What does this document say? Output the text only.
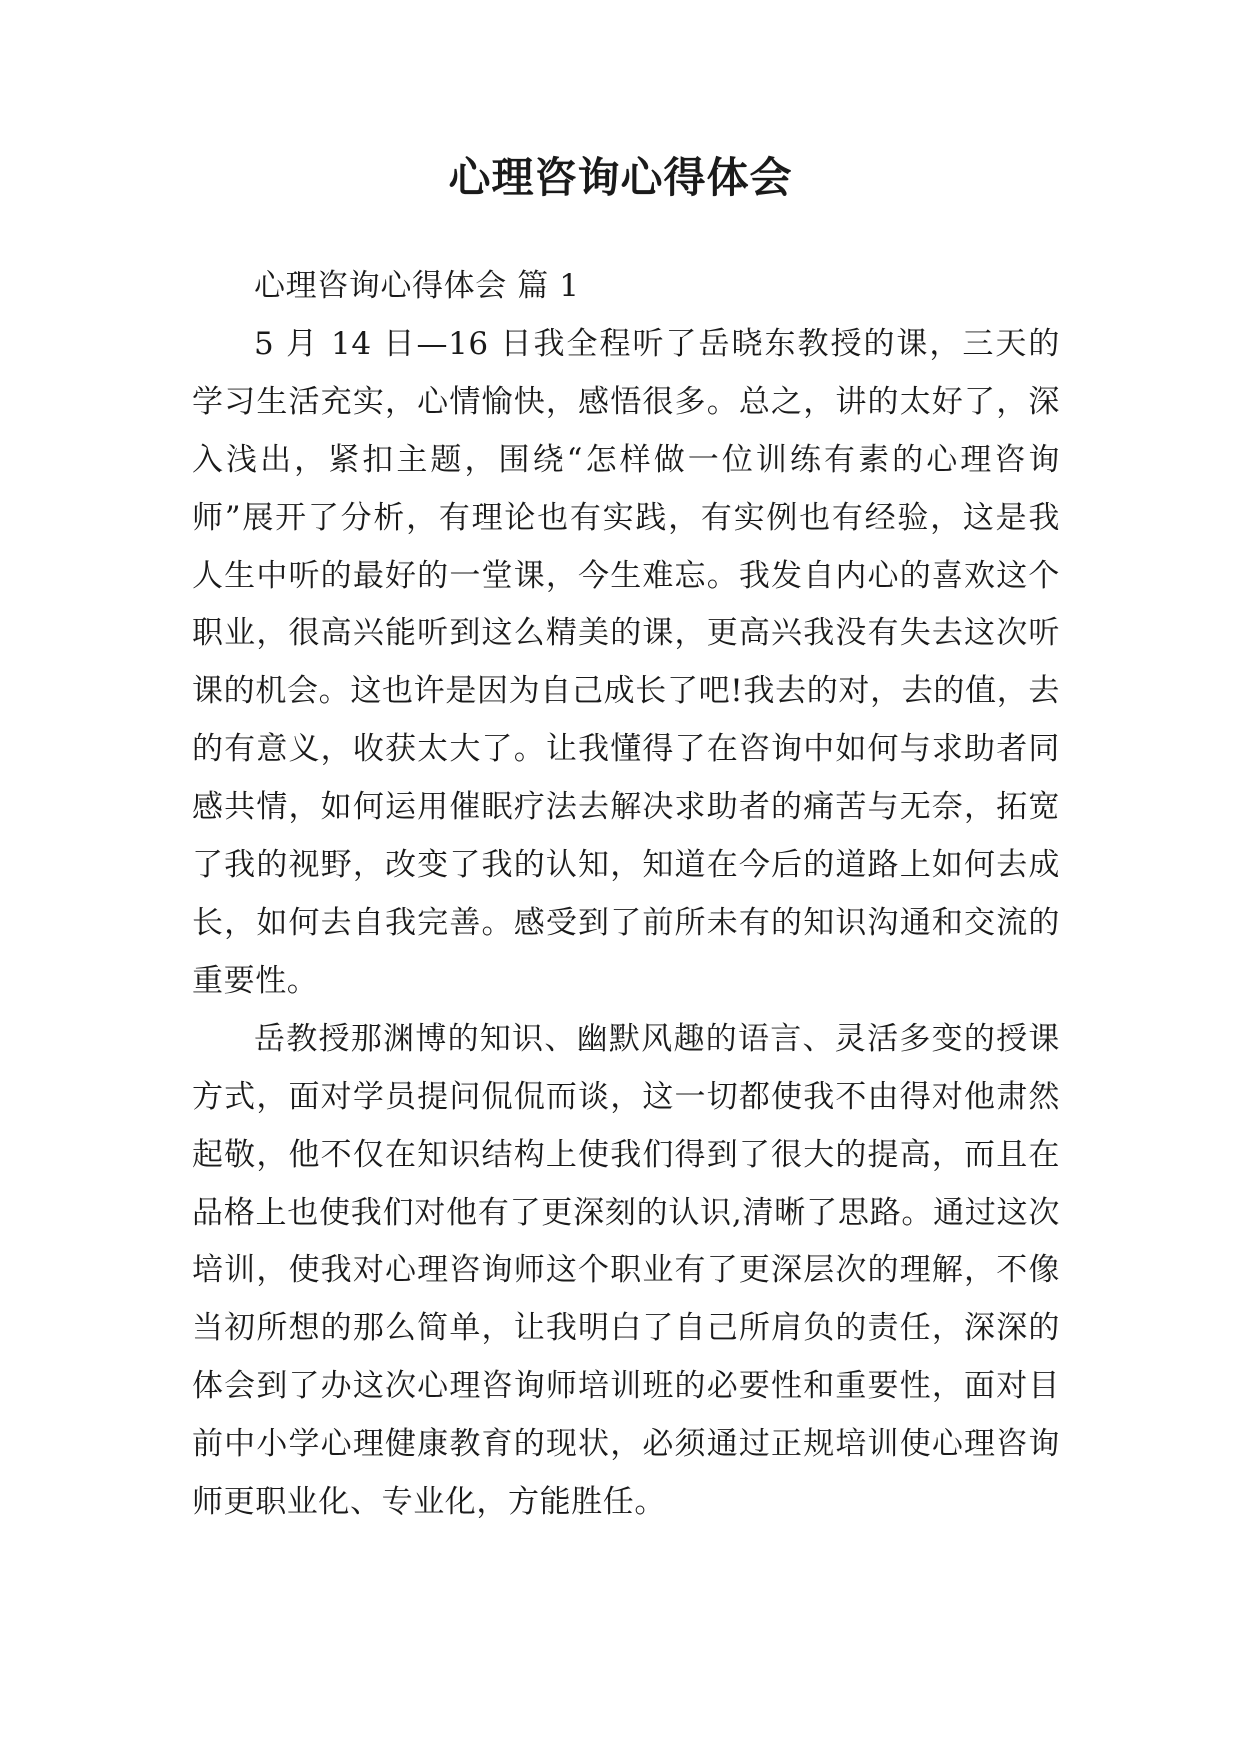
心理咨询心得体会

心理咨询心得体会 篇 1

5 月 14 日—16 日我全程听了岳晓东教授的课，三天的学习生活充实，心情愉快，感悟很多。总之，讲的太好了，深入浅出，紧扣主题，围绕“怎样做一位训练有素的心理咨询师”展开了分析，有理论也有实践，有实例也有经验，这是我人生中听的最好的一堂课，今生难忘。我发自内心的喜欢这个职业，很高兴能听到这么精美的课，更高兴我没有失去这次听课的机会。这也许是因为自己成长了吧!我去的对，去的值，去的有意义，收获太大了。让我懂得了在咨询中如何与求助者同感共情，如何运用催眠疗法去解决求助者的痛苦与无奈，拓宽了我的视野，改变了我的认知，知道在今后的道路上如何去成长，如何去自我完善。感受到了前所未有的知识沟通和交流的重要性。

岳教授那渊博的知识、幽默风趣的语言、灵活多变的授课方式，面对学员提问侃侃而谈，这一切都使我不由得对他肃然起敬，他不仅在知识结构上使我们得到了很大的提高，而且在品格上也使我们对他有了更深刻的认识,清晰了思路。通过这次培训，使我对心理咨询师这个职业有了更深层次的理解，不像当初所想的那么简单，让我明白了自己所肩负的责任，深深的体会到了办这次心理咨询师培训班的必要性和重要性，面对目前中小学心理健康教育的现状，必须通过正规培训使心理咨询师更职业化、专业化，方能胜任。
